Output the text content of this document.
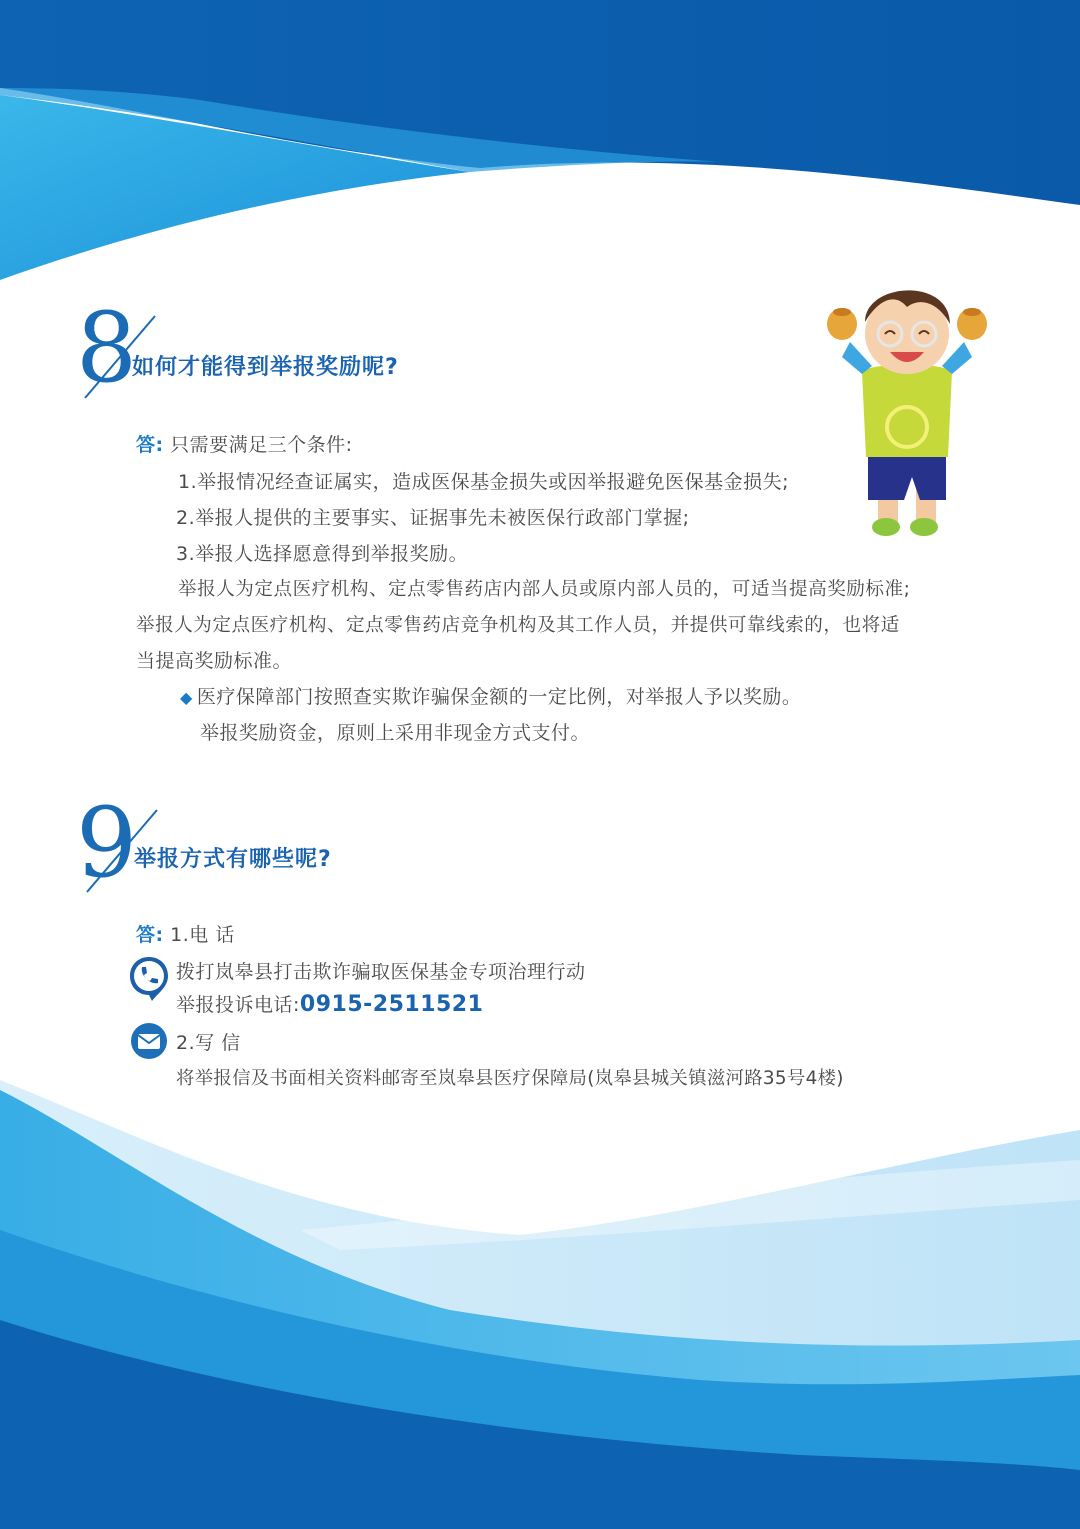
8
如何才能得到举报奖励呢?
答: 只需要满足三个条件:
1.举报情况经查证属实，造成医保基金损失或因举报避免医保基金损失;
2.举报人提供的主要事实、证据事先未被医保行政部门掌握;
3.举报人选择愿意得到举报奖励。
举报人为定点医疗机构、定点零售药店内部人员或原内部人员的，可适当提高奖励标准;
举报人为定点医疗机构、定点零售药店竞争机构及其工作人员，并提供可靠线索的，也将适
当提高奖励标准。
◆ 医疗保障部门按照查实欺诈骗保金额的一定比例，对举报人予以奖励。
举报奖励资金，原则上采用非现金方式支付。
9
举报方式有哪些呢?
答: 1.电 话
拨打岚皋县打击欺诈骗取医保基金专项治理行动
举报投诉电话:0915-2511521
2.写 信
将举报信及书面相关资料邮寄至岚皋县医疗保障局(岚皋县城关镇滋河路35号4楼)
